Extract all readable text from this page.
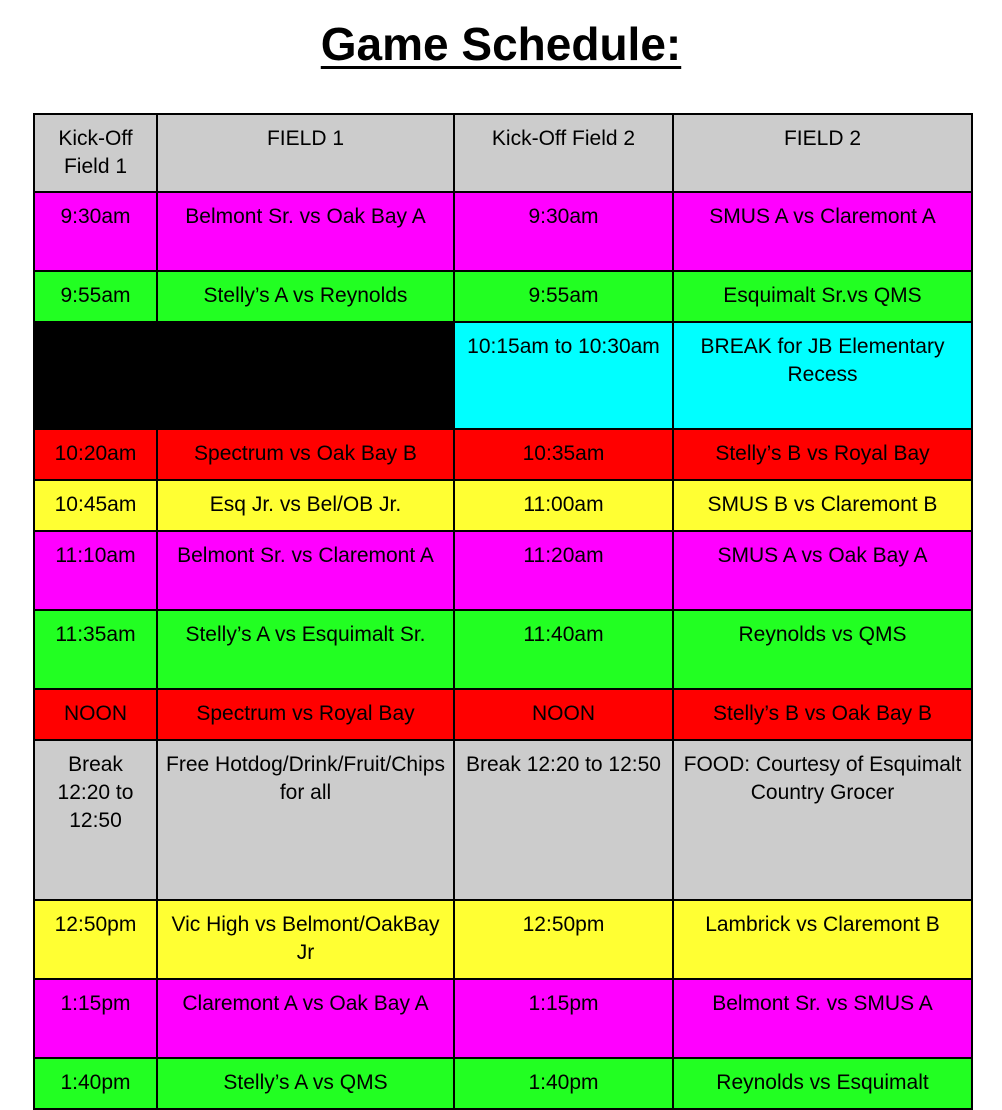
Game Schedule:
Kick-Off Field 1	FIELD 1	Kick-Off Field 2	FIELD 2
9:30am	Belmont Sr. vs Oak Bay A	9:30am	SMUS A vs Claremont A
9:55am	Stelly’s A vs Reynolds	9:55am	Esquimalt Sr.vs QMS
		10:15am to 10:30am	BREAK for JB Elementary Recess
10:20am	Spectrum vs Oak Bay B	10:35am	Stelly’s B vs Royal Bay
10:45am	Esq Jr. vs Bel/OB Jr.	11:00am	SMUS B vs Claremont B
11:10am	Belmont Sr. vs Claremont A	11:20am	SMUS A vs Oak Bay A
11:35am	Stelly’s A vs Esquimalt Sr.	11:40am	Reynolds vs QMS
NOON	Spectrum vs Royal Bay	NOON	Stelly’s B vs Oak Bay B
Break 12:20 to 12:50	Free Hotdog/Drink/Fruit/Chips for all	Break 12:20 to 12:50	FOOD: Courtesy of Esquimalt Country Grocer
12:50pm	Vic High vs Belmont/OakBay Jr	12:50pm	Lambrick vs Claremont B
1:15pm	Claremont A vs Oak Bay A	1:15pm	Belmont Sr. vs SMUS A
1:40pm	Stelly’s A vs QMS	1:40pm	Reynolds vs Esquimalt
